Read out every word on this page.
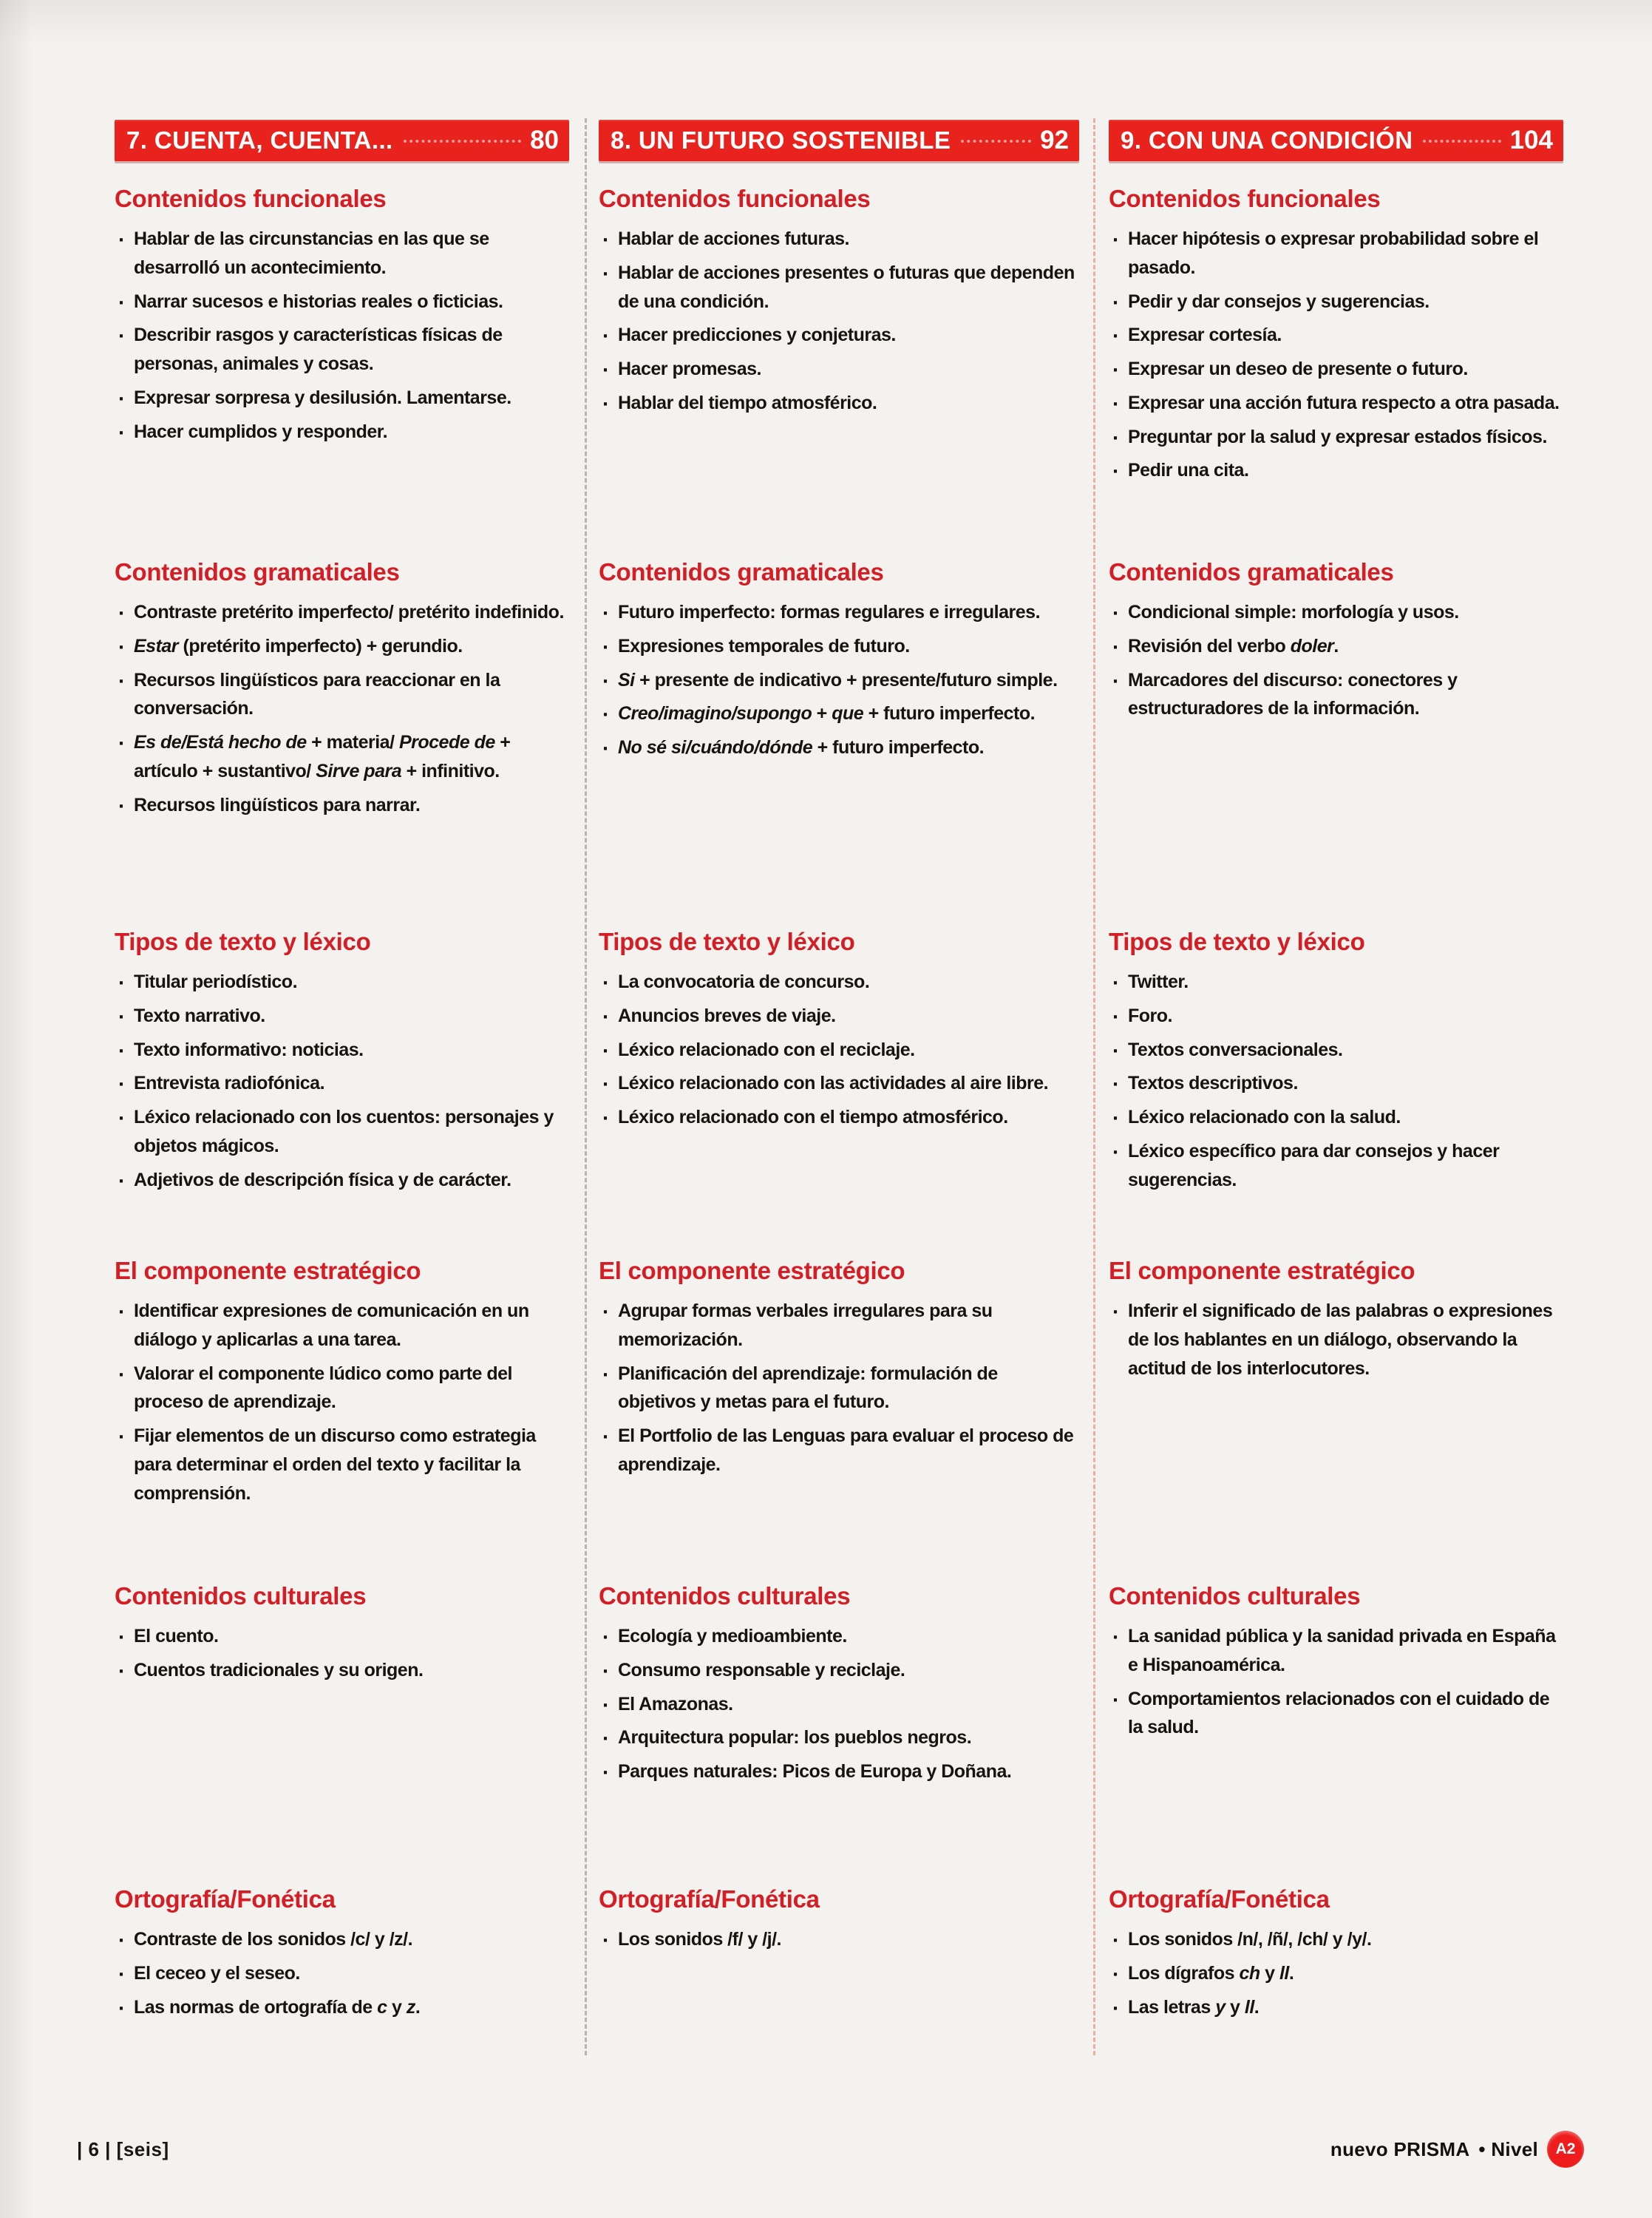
7. CUENTA, CUENTA...	80 8. UN FUTURO SOSTENIBLE	92 9. CON UNA CONDICIÓN	104
Contenidos funcionales
· Hablar de las circunstancias en las que se desarrolló un acontecimiento.
· Narrar sucesos e historias reales o ficticias.
· Describir rasgos y características físicas de personas, animales y cosas.
· Expresar sorpresa y desilusión. Lamentarse.
· Hacer cumplidos y responder.
Contenidos funcionales
· Hablar de acciones futuras.
· Hablar de acciones presentes o futuras que dependen de una condición.
· Hacer predicciones y conjeturas.
· Hacer promesas.
· Hablar del tiempo atmosférico.
Contenidos funcionales
· Hacer hipótesis o expresar probabilidad sobre el pasado.
· Pedir y dar consejos y sugerencias.
· Expresar cortesía.
· Expresar un deseo de presente o futuro.
· Expresar una acción futura respecto a otra pasada.
· Preguntar por la salud y expresar estados físicos.
· Pedir una cita.
Contenidos gramaticales
· Contraste pretérito imperfecto/ pretérito indefinido.
· Estar (pretérito imperfecto) + gerundio.
· Recursos lingüísticos para reaccionar en la conversación.
· Es de/Está hecho de + materia/ Procede de + artículo + sustantivo/ Sirve para + infinitivo.
· Recursos lingüísticos para narrar.
Contenidos gramaticales
· Futuro imperfecto: formas regulares e irregulares.
· Expresiones temporales de futuro.
· Si + presente de indicativo + presente/futuro simple.
· Creo/imagino/supongo + que + futuro imperfecto.
· No sé si/cuándo/dónde + futuro imperfecto.
Contenidos gramaticales
· Condicional simple: morfología y usos.
· Revisión del verbo doler.
· Marcadores del discurso: conectores y estructuradores de la información.
Tipos de texto y léxico
· Titular periodístico.
· Texto narrativo.
· Texto informativo: noticias.
· Entrevista radiofónica.
· Léxico relacionado con los cuentos: personajes y objetos mágicos.
· Adjetivos de descripción física y de carácter.
Tipos de texto y léxico
· La convocatoria de concurso.
· Anuncios breves de viaje.
· Léxico relacionado con el reciclaje.
· Léxico relacionado con las actividades al aire libre.
· Léxico relacionado con el tiempo atmosférico.
Tipos de texto y léxico
· Twitter.
· Foro.
· Textos conversacionales.
· Textos descriptivos.
· Léxico relacionado con la salud.
· Léxico específico para dar consejos y hacer sugerencias.
El componente estratégico
· Identificar expresiones de comunicación en un diálogo y aplicarlas a una tarea.
· Valorar el componente lúdico como parte del proceso de aprendizaje.
· Fijar elementos de un discurso como estrategia para determinar el orden del texto y facilitar la comprensión.
El componente estratégico
· Agrupar formas verbales irregulares para su memorización.
· Planificación del aprendizaje: formulación de objetivos y metas para el futuro.
· El Portfolio de las Lenguas para evaluar el proceso de aprendizaje.
El componente estratégico
· Inferir el significado de las palabras o expresiones de los hablantes en un diálogo, observando la actitud de los interlocutores.
Contenidos culturales
· El cuento.
· Cuentos tradicionales y su origen.
Contenidos culturales
· Ecología y medioambiente.
· Consumo responsable y reciclaje.
· El Amazonas.
· Arquitectura popular: los pueblos negros.
· Parques naturales: Picos de Europa y Doñana.
Contenidos culturales
· La sanidad pública y la sanidad privada en España e Hispanoamérica.
· Comportamientos relacionados con el cuidado de la salud.
Ortografía/Fonética
· Contraste de los sonidos /c/ y /z/.
· El ceceo y el seseo.
· Las normas de ortografía de c y z.
Ortografía/Fonética
· Los sonidos /f/ y /j/.
Ortografía/Fonética
· Los sonidos /n/, /ñ/, /ch/ y /y/.
· Los dígrafos ch y ll.
· Las letras y y ll.
| 6 | [seis]	nuevo PRISMA • Nivel	A2
